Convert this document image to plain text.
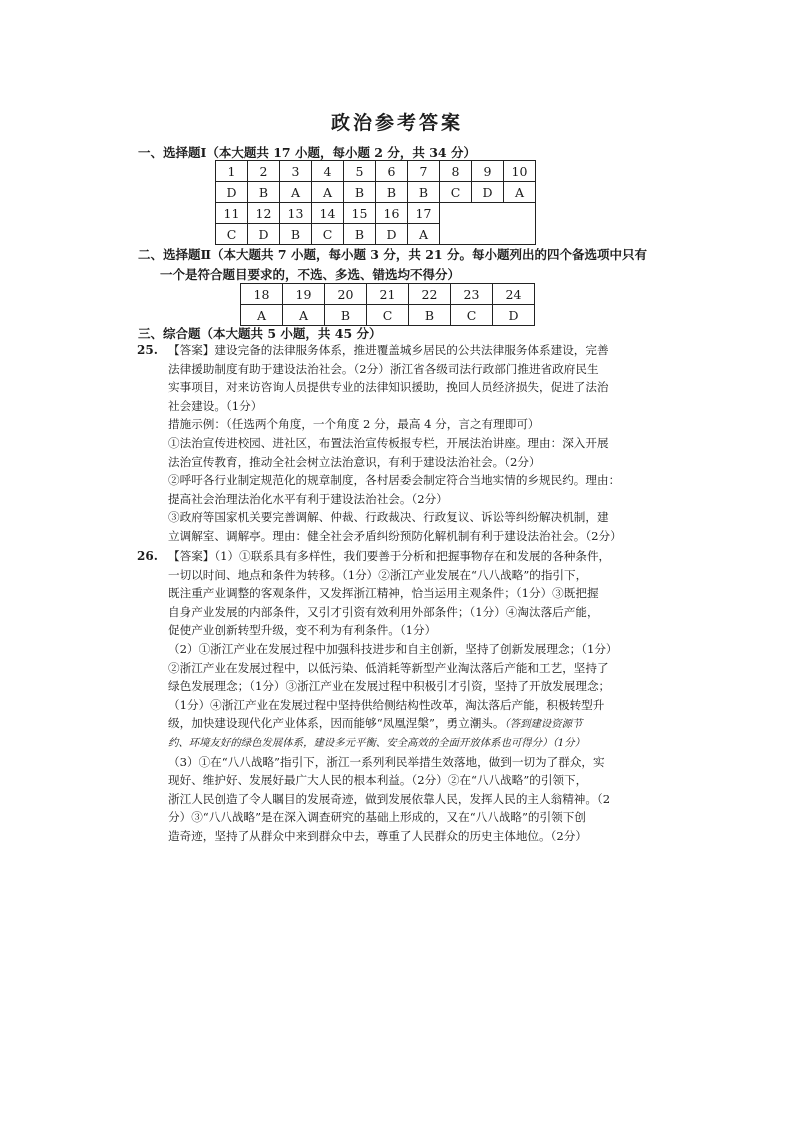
政治参考答案
一、选择题Ⅰ（本大题共 17 小题，每小题 2 分，共 34 分）
1	2	3	4	5	6	7	8	9	10
D	B	A	A	B	B	B	C	D	A
11	12	13	14	15	16	17			
C	D	B	C	B	D	A			
二、选择题Ⅱ（本大题共 7 小题，每小题 3 分，共 21 分。每小题列出的四个备选项中只有
一个是符合题目要求的，不选、多选、错选均不得分）
18	19	20	21	22	23	24
A	A	B	C	B	C	D
三、综合题（本大题共 5 小题，共 45 分）
25. 【答案】建设完备的法律服务体系，推进覆盖城乡居民的公共法律服务体系建设，完善
法律援助制度有助于建设法治社会。（2分）浙江省各级司法行政部门推进省政府民生
实事项目，对来访咨询人员提供专业的法律知识援助，挽回人员经济损失，促进了法治
社会建设。（1分）
措施示例：（任选两个角度，一个角度 2 分，最高 4 分，言之有理即可）
①法治宣传进校园、进社区，布置法治宣传板报专栏，开展法治讲座。理由：深入开展
法治宣传教育，推动全社会树立法治意识，有利于建设法治社会。（2分）
②呼吁各行业制定规范化的规章制度，各村居委会制定符合当地实情的乡规民约。理由：
提高社会治理法治化水平有利于建设法治社会。（2分）
③政府等国家机关要完善调解、仲裁、行政裁决、行政复议、诉讼等纠纷解决机制，建
立调解室、调解亭。理由：健全社会矛盾纠纷预防化解机制有利于建设法治社会。（2分）
26. 【答案】（1）①联系具有多样性，我们要善于分析和把握事物存在和发展的各种条件，
一切以时间、地点和条件为转移。（1分）②浙江产业发展在“八八战略”的指引下，
既注重产业调整的客观条件，又发挥浙江精神，恰当运用主观条件；（1分）③既把握
自身产业发展的内部条件，又引才引资有效利用外部条件；（1分）④淘汰落后产能，
促使产业创新转型升级，变不利为有利条件。（1分）
（2）①浙江产业在发展过程中加强科技进步和自主创新，坚持了创新发展理念；（1分）
②浙江产业在发展过程中，以低污染、低消耗等新型产业淘汰落后产能和工艺，坚持了
绿色发展理念；（1分）③浙江产业在发展过程中积极引才引资，坚持了开放发展理念；
（1分）④浙江产业在发展过程中坚持供给侧结构性改革，淘汰落后产能，积极转型升
级，加快建设现代化产业体系，因而能够“凤凰涅槃”，勇立潮头。（答到建设资源节
约、环境友好的绿色发展体系，建设多元平衡、安全高效的全面开放体系也可得分）（1分）
（3）①在“八八战略”指引下，浙江一系列利民举措生效落地，做到一切为了群众，实
现好、维护好、发展好最广大人民的根本利益。（2分）②在“八八战略”的引领下，
浙江人民创造了令人瞩目的发展奇迹，做到发展依靠人民，发挥人民的主人翁精神。（2
分）③“八八战略”是在深入调查研究的基础上形成的，又在“八八战略”的引领下创
造奇迹，坚持了从群众中来到群众中去，尊重了人民群众的历史主体地位。（2分）
